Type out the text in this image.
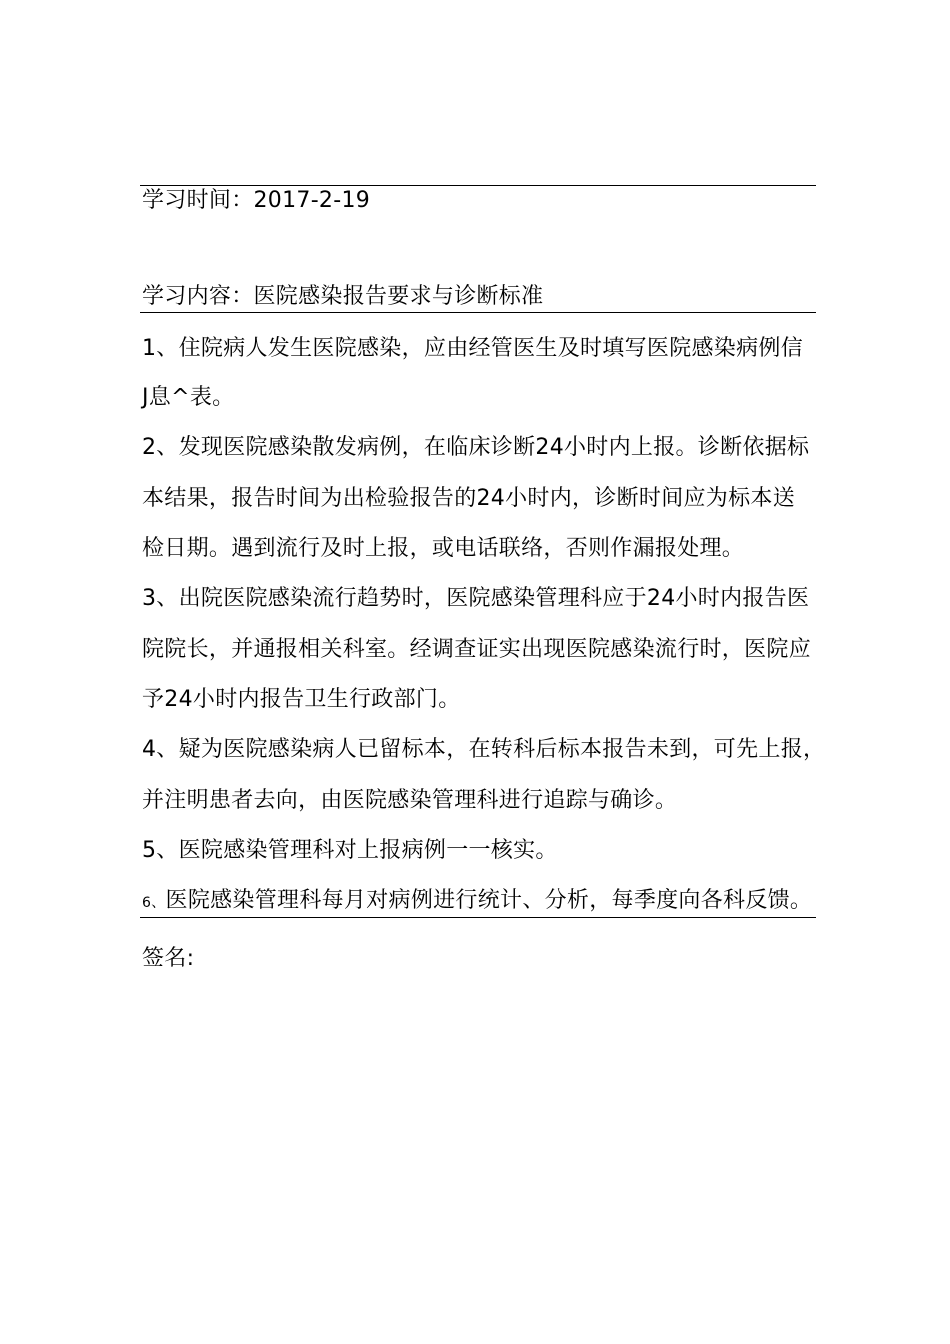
学习时间：2017-2-19
学习内容：医院感染报告要求与诊断标准
1、住院病人发生医院感染，应由经管医生及时填写医院感染病例信
J息^表。
2、发现医院感染散发病例，在临床诊断24小时内上报。诊断依据标
本结果，报告时间为出检验报告的24小时内，诊断时间应为标本送
检日期。遇到流行及时上报，或电话联络，否则作漏报处理。
3、出院医院感染流行趋势时，医院感染管理科应于24小时内报告医
院院长，并通报相关科室。经调查证实出现医院感染流行时，医院应
予24小时内报告卫生行政部门。
4、疑为医院感染病人已留标本，在转科后标本报告未到，可先上报，
并注明患者去向，由医院感染管理科进行追踪与确诊。
5、医院感染管理科对上报病例一一核实。
6、医院感染管理科每月对病例进行统计、分析，每季度向各科反馈。
签名:
